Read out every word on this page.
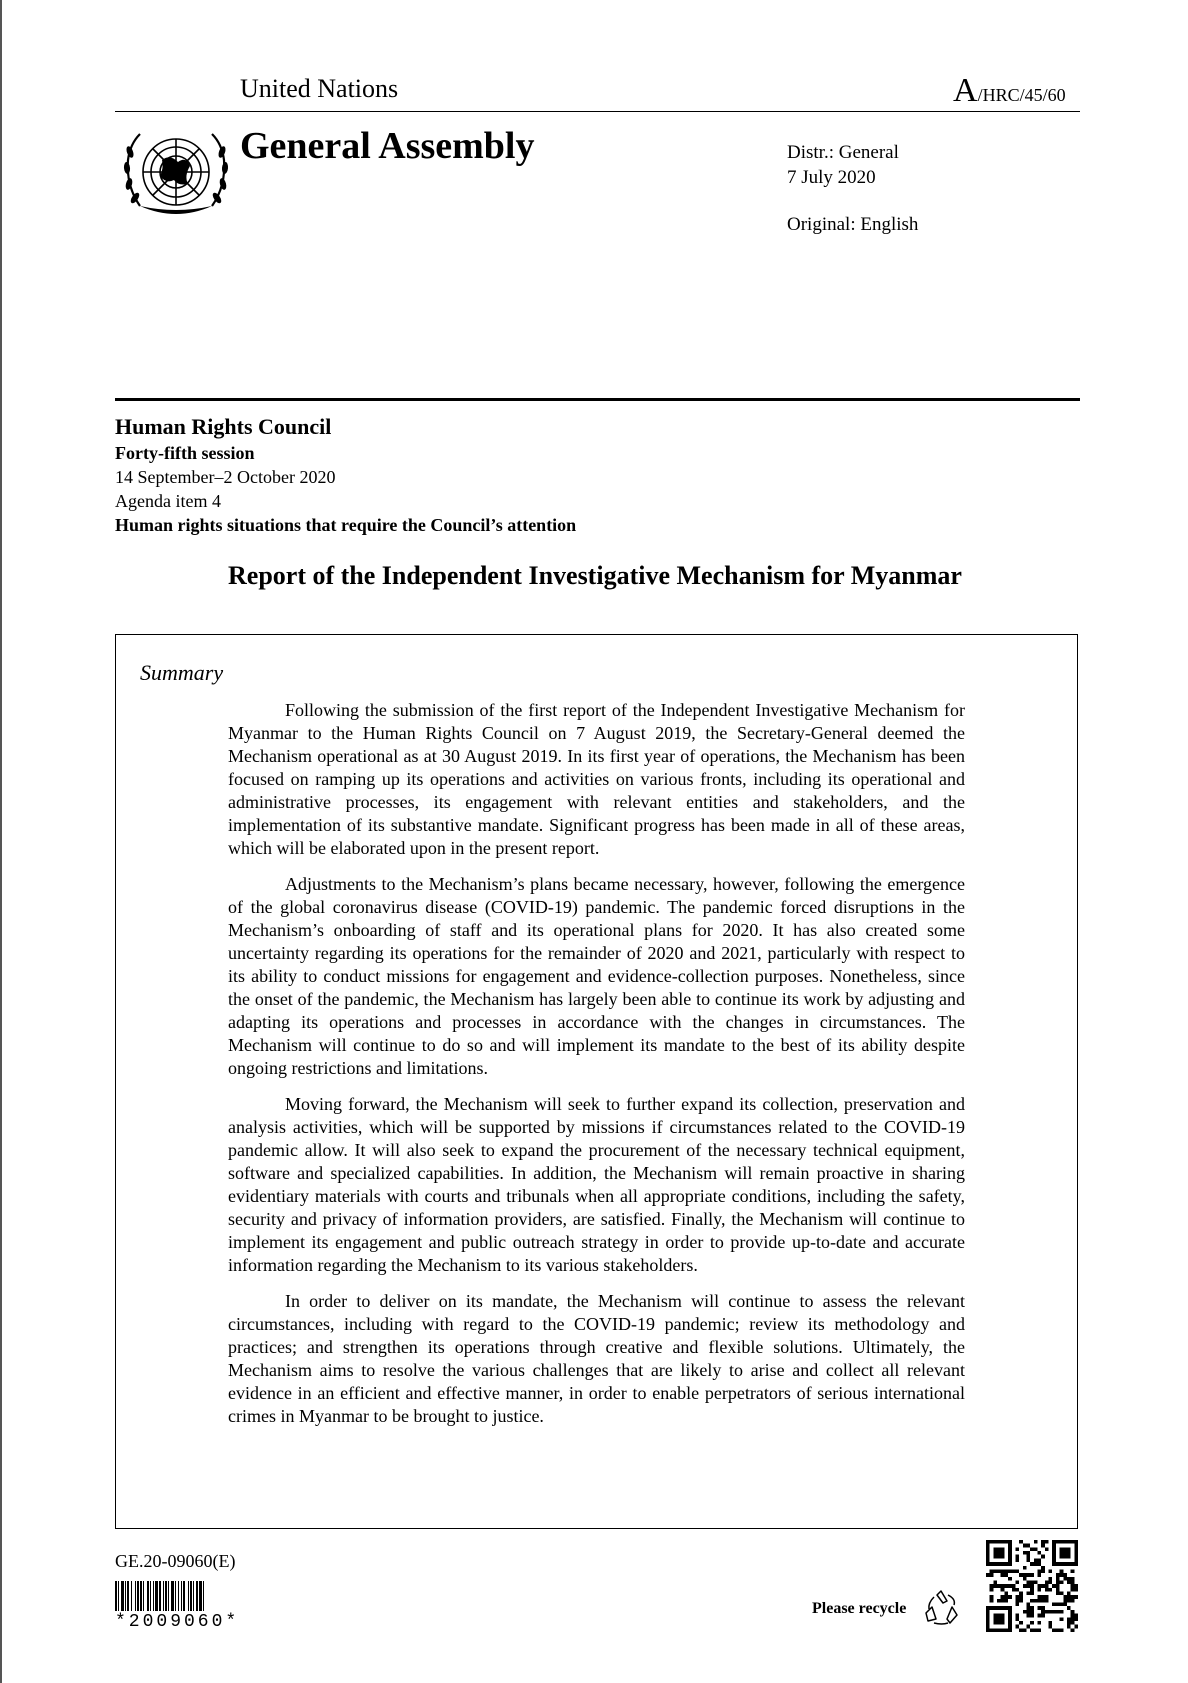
United Nations	A/HRC/45/60
General Assembly	Distr.: General
7 July 2020
Original: English
Human Rights Council
Forty-fifth session
14 September–2 October 2020
Agenda item 4
Human rights situations that require the Council’s attention
Report of the Independent Investigative Mechanism for Myanmar
Summary

Following the submission of the first report of the Independent Investigative Mechanism for Myanmar to the Human Rights Council on 7 August 2019, the Secretary-General deemed the Mechanism operational as at 30 August 2019. In its first year of operations, the Mechanism has been focused on ramping up its operations and activities on various fronts, including its operational and administrative processes, its engagement with relevant entities and stakeholders, and the implementation of its substantive mandate. Significant progress has been made in all of these areas, which will be elaborated upon in the present report.

Adjustments to the Mechanism’s plans became necessary, however, following the emergence of the global coronavirus disease (COVID-19) pandemic. The pandemic forced disruptions in the Mechanism’s onboarding of staff and its operational plans for 2020. It has also created some uncertainty regarding its operations for the remainder of 2020 and 2021, particularly with respect to its ability to conduct missions for engagement and evidence-collection purposes. Nonetheless, since the onset of the pandemic, the Mechanism has largely been able to continue its work by adjusting and adapting its operations and processes in accordance with the changes in circumstances. The Mechanism will continue to do so and will implement its mandate to the best of its ability despite ongoing restrictions and limitations.

Moving forward, the Mechanism will seek to further expand its collection, preservation and analysis activities, which will be supported by missions if circumstances related to the COVID-19 pandemic allow. It will also seek to expand the procurement of the necessary technical equipment, software and specialized capabilities. In addition, the Mechanism will remain proactive in sharing evidentiary materials with courts and tribunals when all appropriate conditions, including the safety, security and privacy of information providers, are satisfied. Finally, the Mechanism will continue to implement its engagement and public outreach strategy in order to provide up-to-date and accurate information regarding the Mechanism to its various stakeholders.

In order to deliver on its mandate, the Mechanism will continue to assess the relevant circumstances, including with regard to the COVID-19 pandemic; review its methodology and practices; and strengthen its operations through creative and flexible solutions. Ultimately, the Mechanism aims to resolve the various challenges that are likely to arise and collect all relevant evidence in an efficient and effective manner, in order to enable perpetrators of serious international crimes in Myanmar to be brought to justice.

GE.20-09060(E)
*2009060*
Please recycle
